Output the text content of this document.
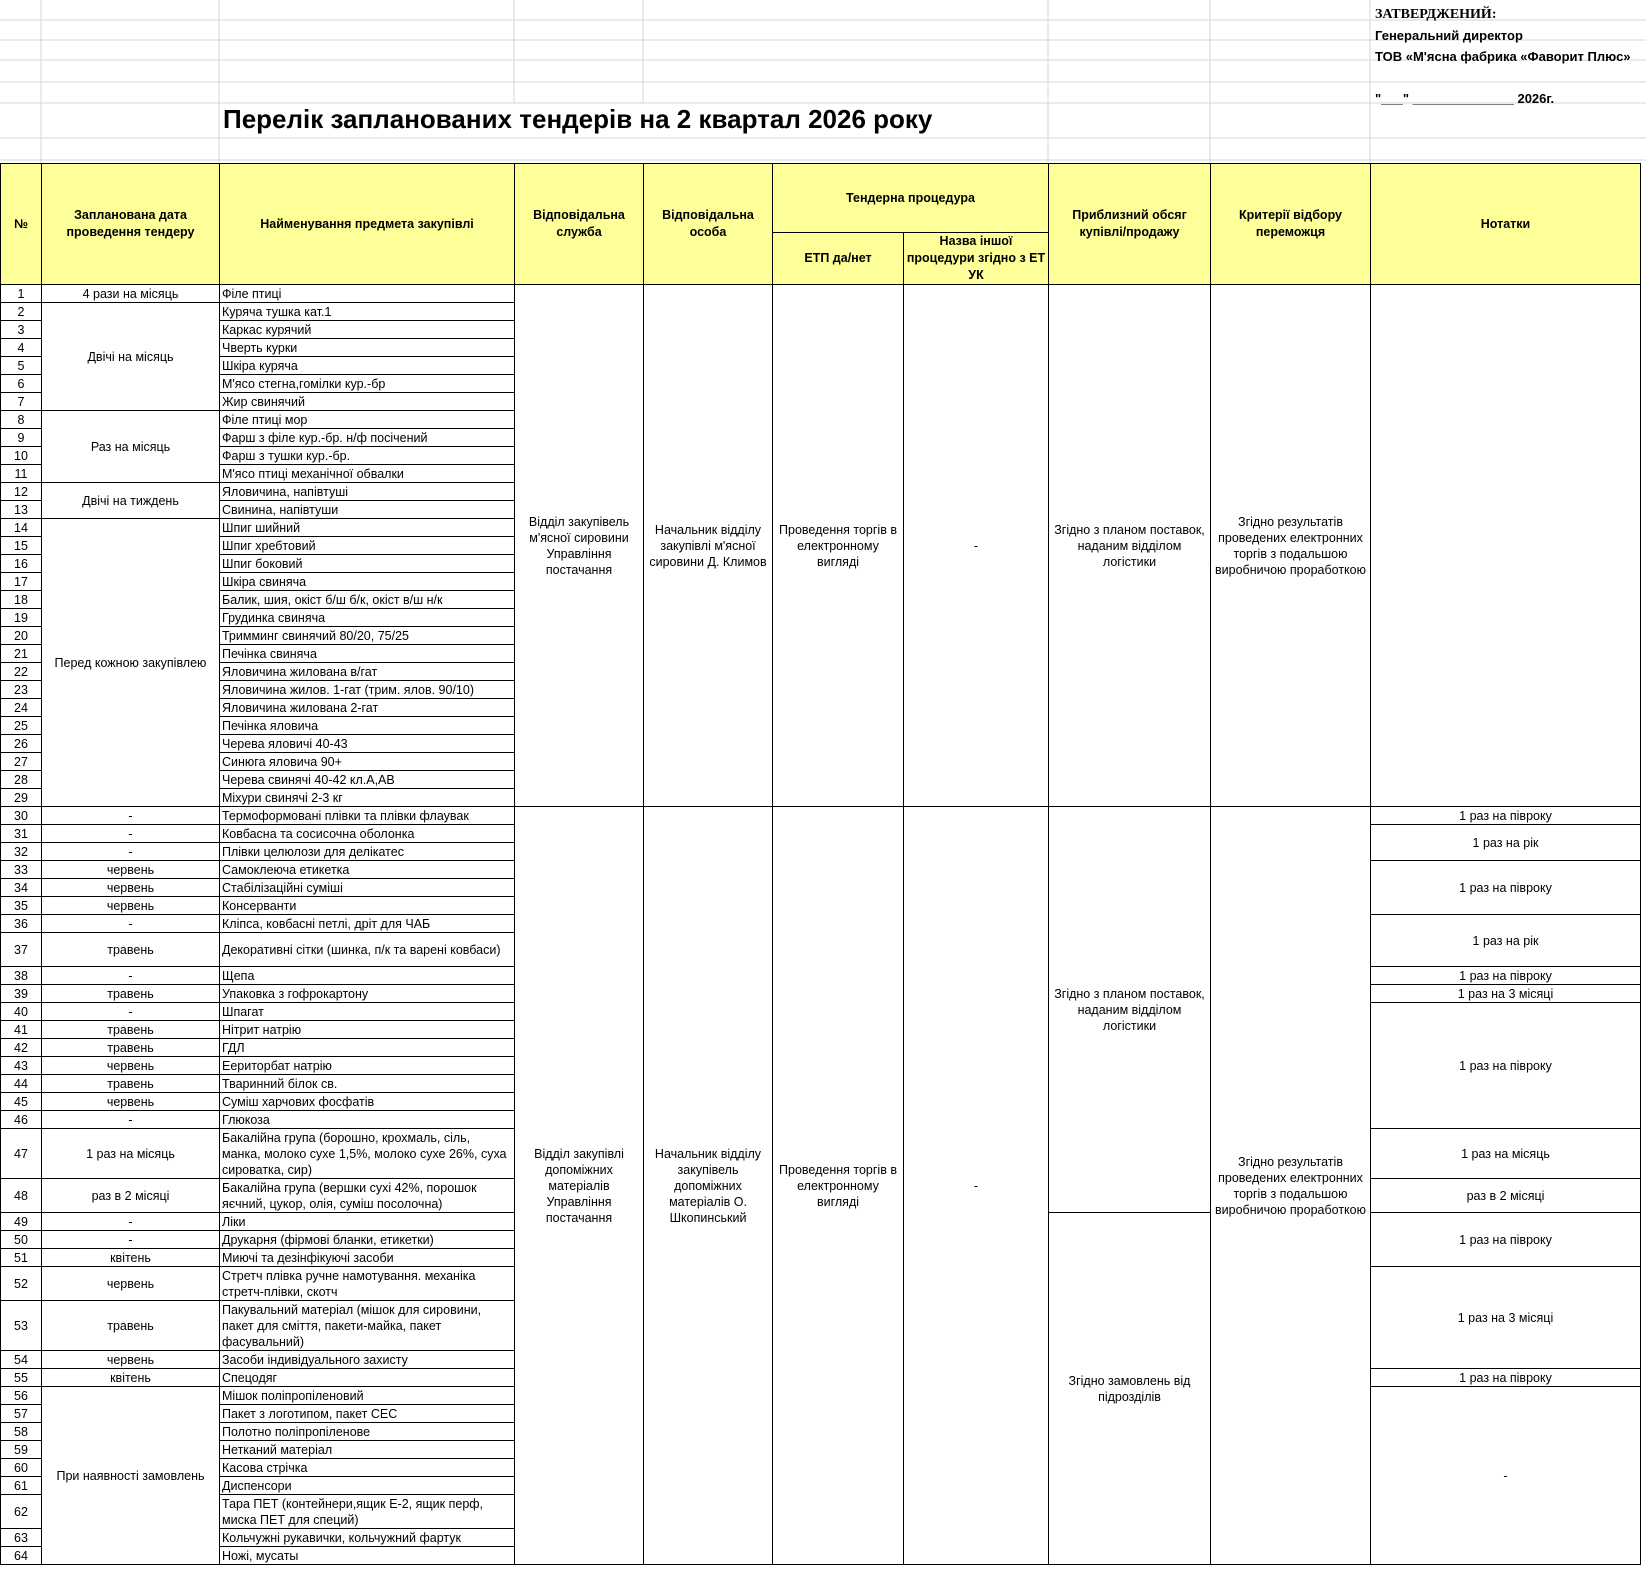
ЗАТВЕРДЖЕНИЙ:
Генеральний директор
ТОВ «М'ясна фабрика «Фаворит Плюс»
"___" ______________ 2026г.
Перелік запланованих тендерів на 2 квартал 2026 року
№	Запланована дата проведення тендеру	Найменування предмета закупівлі	Відповідальна служба	Відповідальна особа	Тендерна процедура		Приблизний обсяг купівлі/продажу	Критерії відбору переможця	Нотатки
					ЕТП да/нет	Назва іншої процедури згідно з ЕТ УК			
1	4 рази на місяць	Філе птиці	Відділ закупівель м'ясної сировини Управління постачання	Начальник відділу закупівлі м'ясної сировини Д. Климов	Проведення торгів в електронному вигляді	-	Згідно з планом поставок, наданим відділом логістики	Згідно результатів проведених електронних торгів з подальшою виробничою проработкою	
2	Двічі на місяць	Куряча тушка кат.1							
3		Каркас курячий							
4		Чверть курки							
5		Шкіра куряча							
6		М'ясо стегна,гомілки кур.-бр							
7		Жир свинячий							
8	Раз на місяць	Філе птиці мор							
9		Фарш з філе кур.-бр. н/ф посічений							
10		Фарш з тушки кур.-бр.							
11		М'ясо птиці механічної обвалки							
12	Двічі на тиждень	Яловичина, напівтуші							
13		Свинина, напівтуши							
14	Перед кожною закупівлею	Шпиг шийний							
15		Шпиг хребтовий							
16		Шпиг боковий							
17		Шкіра свиняча							
18		Балик, шия, окіст б/ш б/к, окіст в/ш н/к							
19		Грудинка свиняча							
20		Тримминг свинячий 80/20, 75/25							
21		Печінка свиняча							
22		Яловичина жилована в/гат							
23		Яловичина жилов. 1-гат (трим. ялов. 90/10)							
24		Яловичина жилована 2-гат							
25		Печінка яловича							
26		Черева яловичі 40-43							
27		Синюга яловича 90+							
28		Черева свинячі 40-42 кл.А,АВ							
29		Міхури свинячі 2-3 кг							
30	-	Термоформовані плівки та плівки флаувак	Відділ закупівлі допоміжних матеріалів Управління постачання	Начальник відділу закупівель допоміжних матеріалів О. Шкопинський	Проведення торгів в електронному вигляді	-	Згідно з планом поставок, наданим відділом логістики	Згідно результатів проведених електронних торгів з подальшою виробничою проработкою	1 раз на півроку
31	-	Ковбасна та сосисочна оболонка							1 раз на рік
32	-	Плівки целюлози для делікатес							
33	червень	Самоклеюча етикетка							1 раз на півроку
34	червень	Стабілізаційні суміші							
35	червень	Консерванти							
36	-	Кліпса, ковбасні петлі, дріт для ЧАБ							1 раз на рік
37	травень	Декоративні сітки (шинка, п/к та варені ковбаси)							
38	-	Щепа							1 раз на півроку
39	травень	Упаковка з гофрокартону							1 раз на 3 місяці
40	-	Шпагат							1 раз на півроку
41	травень	Нітрит натрію							
42	травень	ГДЛ							
43	червень	Еериторбат натрію							
44	травень	Тваринний білок св.							
45	червень	Суміш харчових фосфатів							
46	-	Глюкоза							
47	1 раз на місяць	Бакалійна група (борошно, крохмаль, сіль, манка, молоко сухе 1,5%, молоко сухе 26%, суха сироватка, сир)							1 раз на місяць
48	раз в 2 місяці	Бакалійна група (вершки сухі 42%, порошок яєчний, цукор, олія, суміш посолочна)							раз в 2 місяці
49	-	Ліки					Згідно замовлень від підрозділів		1 раз на півроку
50	-	Друкарня (фірмові бланки, етикетки)							
51	квітень	Миючі та дезінфікуючі засоби							
52	червень	Стретч плівка ручне намотування. механіка стретч-плівки, скотч							1 раз на 3 місяці
53	травень	Пакувальний матеріал (мішок для сировини, пакет для сміття, пакети-майка, пакет фасувальний)							
54	червень	Засоби індивідуального захисту							
55	квітень	Спецодяг							1 раз на півроку
56	При наявності замовлень	Мішок поліпропіленовий							-
57		Пакет з логотипом, пакет СЕС							
58		Полотно поліпропіленове							
59		Нетканий матеріал							
60		Касова стрічка							
61		Диспенсори							
62		Тара ПЕТ (контейнери,ящик Е-2, ящик перф, миска ПЕТ для специй)							
63		Кольчужні рукавички, кольчужний фартук							
64		Ножі, мусаты							
